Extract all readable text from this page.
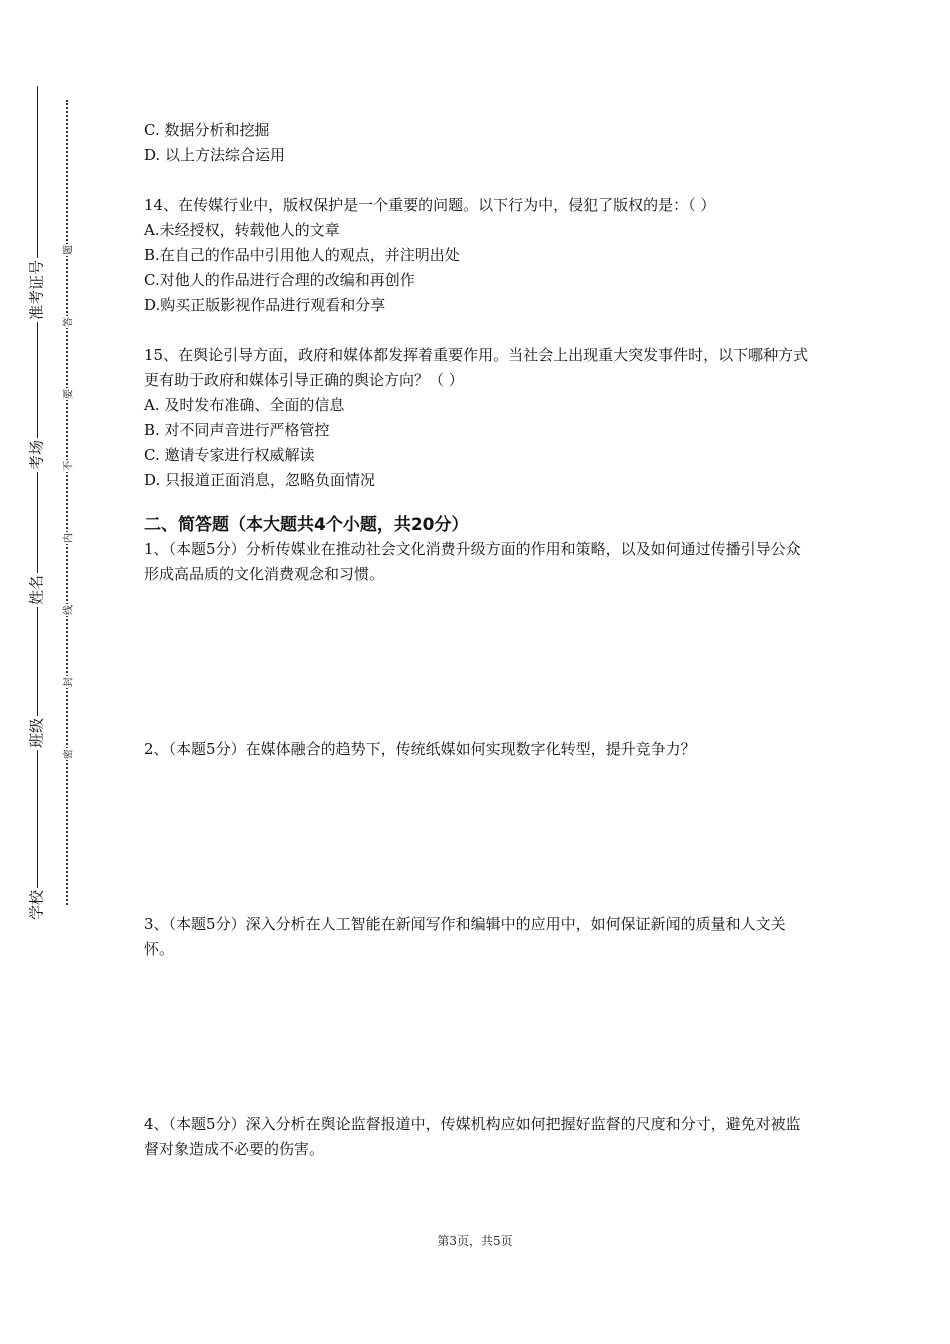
准考证号
考场
姓名
班级
学校
题
答
要
不
内
线
封
密
C. 数据分析和挖掘
D. 以上方法综合运用
14、在传媒行业中，版权保护是一个重要的问题。以下行为中，侵犯了版权的是：（ ）
A.未经授权，转载他人的文章
B.在自己的作品中引用他人的观点，并注明出处
C.对他人的作品进行合理的改编和再创作
D.购买正版影视作品进行观看和分享
15、在舆论引导方面，政府和媒体都发挥着重要作用。当社会上出现重大突发事件时，以下哪种方式更有助于政府和媒体引导正确的舆论方向？（ ）
A. 及时发布准确、全面的信息
B. 对不同声音进行严格管控
C. 邀请专家进行权威解读
D. 只报道正面消息，忽略负面情况
二、简答题（本大题共4个小题，共20分）
1、（本题5分）分析传媒业在推动社会文化消费升级方面的作用和策略，以及如何通过传播引导公众形成高品质的文化消费观念和习惯。
2、（本题5分）在媒体融合的趋势下，传统纸媒如何实现数字化转型，提升竞争力？
3、（本题5分）深入分析在人工智能在新闻写作和编辑中的应用中，如何保证新闻的质量和人文关怀。
4、（本题5分）深入分析在舆论监督报道中，传媒机构应如何把握好监督的尺度和分寸，避免对被监督对象造成不必要的伤害。
第3页，共5页
